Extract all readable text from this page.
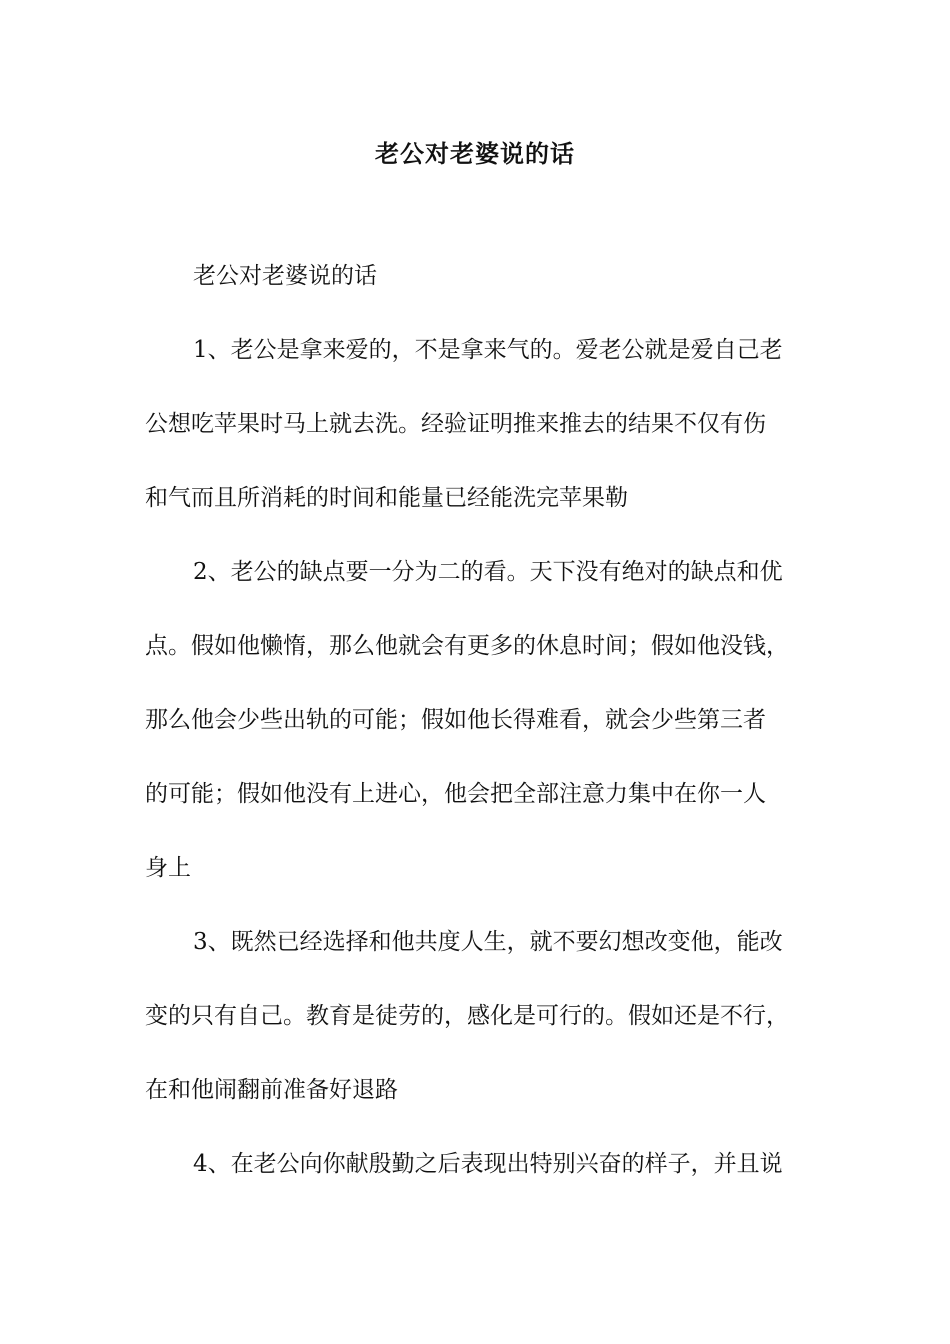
老公对老婆说的话
老公对老婆说的话
1、老公是拿来爱的，不是拿来气的。爱老公就是爱自己老
公想吃苹果时马上就去洗。经验证明推来推去的结果不仅有伤
和气而且所消耗的时间和能量已经能洗完苹果勒
2、老公的缺点要一分为二的看。天下没有绝对的缺点和优
点。假如他懒惰，那么他就会有更多的休息时间；假如他没钱，
那么他会少些出轨的可能；假如他长得难看，就会少些第三者
的可能；假如他没有上进心，他会把全部注意力集中在你一人
身上
3、既然已经选择和他共度人生，就不要幻想改变他，能改
变的只有自己。教育是徒劳的，感化是可行的。假如还是不行，
在和他闹翻前准备好退路
4、在老公向你献殷勤之后表现出特别兴奋的样子，并且说
